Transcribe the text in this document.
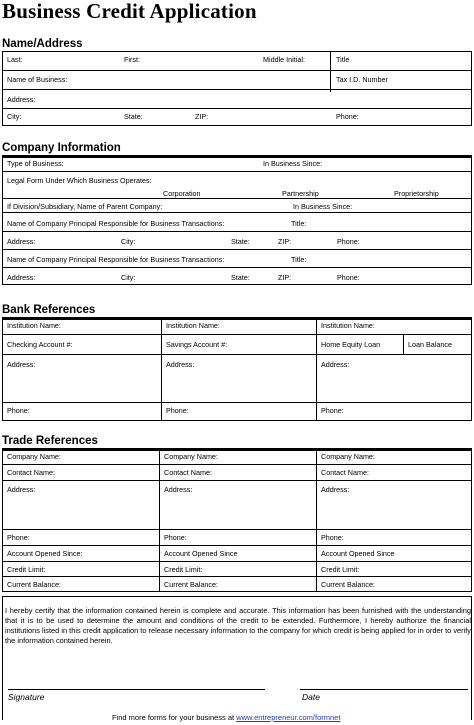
Business Credit Application
Name/Address
Last:	First:	Middle Initial:	Title
Name of Business:	Tax I.D. Number
Address:
City:	State:	ZIP:	Phone:
Company Information
Type of Business:	In Business Since:
Legal Form Under Which Business Operates:
Corporation	Partnership	Proprietorship
If Division/Subsidiary, Name of Parent Company:	In Business Since:
Name of Company Principal Responsible for Business Transactions:	Title:
Address:	City:	State:	ZIP:	Phone:
Name of Company Principal Responsible for Business Transactions:	Title:
Address:	City:	State:	ZIP:	Phone:
Bank References
Institution Name:	Institution Name:	Institution Name:
Checking Account #:	Savings Account #:	Home Equity Loan	Loan Balance
Address:	Address:	Address:
Phone:	Phone:	Phone:
Trade References
Company Name:	Company Name:	Company Name:
Contact Name:	Contact Name:	Contact Name:
Address:	Address:	Address:
Phone:	Phone:	Phone:
Account Opened Since:	Account Opened Since	Account Opened Since
Credit Limit:	Credit Limit:	Credit Limit:
Current Balance:	Current Balance:	Current Balance:
I hereby certify that the information contained herein is complete and accurate. This information has been furnished with the understanding that it is to be used to determine the amount and conditions of the credit to be extended. Furthermore, I hereby authorize the financial institutions listed in this credit application to release necessary information to the company for which credit is being applied for in order to verify the information contained herein.
Signature	Date
Find more forms for your business at www.entrepreneur.com/formnet
